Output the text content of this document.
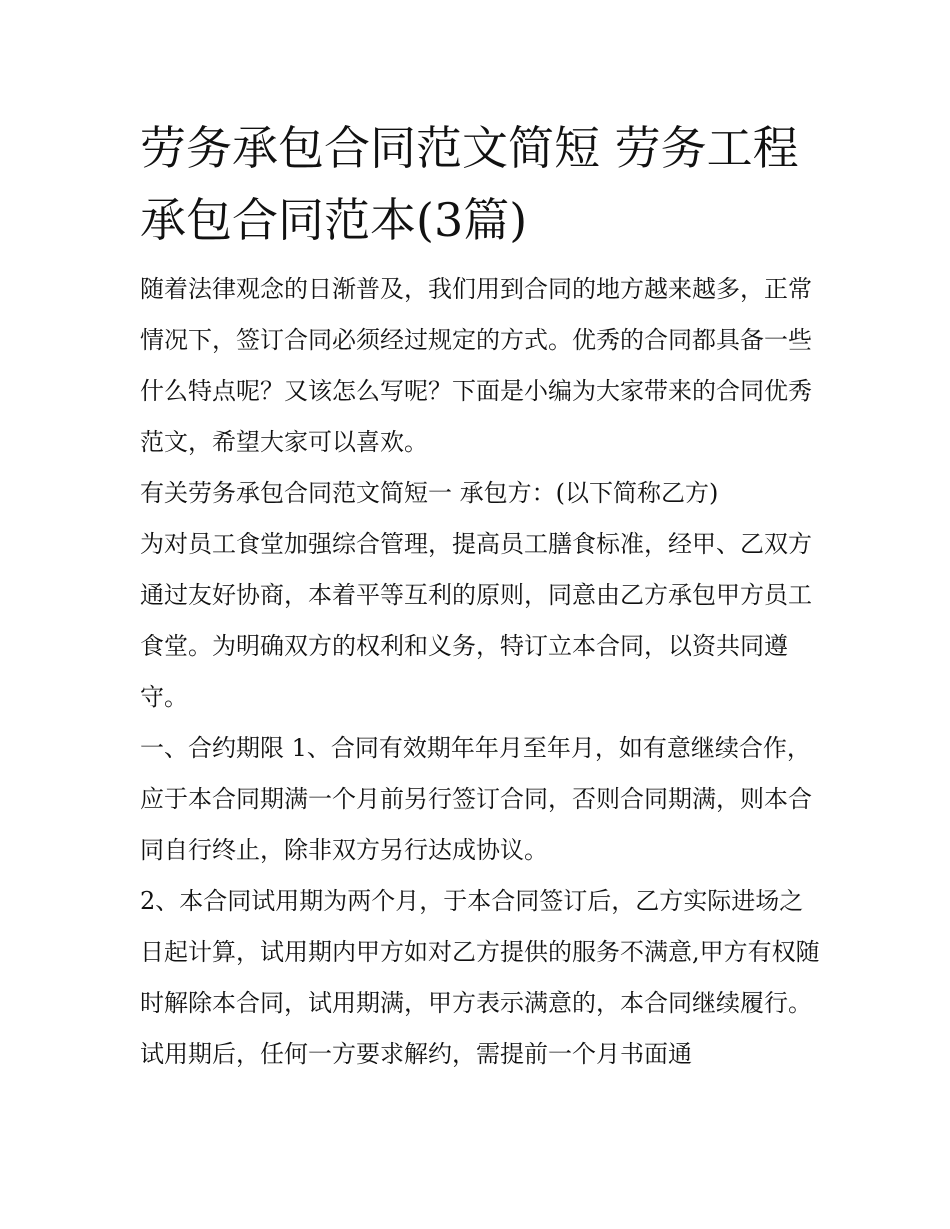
劳务承包合同范文简短 劳务工程承包合同范本(3篇)

随着法律观念的日渐普及，我们用到合同的地方越来越多，正常情况下，签订合同必须经过规定的方式。优秀的合同都具备一些什么特点呢？又该怎么写呢？下面是小编为大家带来的合同优秀范文，希望大家可以喜欢。

有关劳务承包合同范文简短一 承包方：(以下简称乙方)

为对员工食堂加强综合管理，提高员工膳食标准，经甲、乙双方通过友好协商，本着平等互利的原则，同意由乙方承包甲方员工食堂。为明确双方的权利和义务，特订立本合同，以资共同遵守。

一、合约期限 1、合同有效期年年月至年月，如有意继续合作，应于本合同期满一个月前另行签订合同，否则合同期满，则本合同自行终止，除非双方另行达成协议。

2、本合同试用期为两个月，于本合同签订后，乙方实际进场之日起计算，试用期内甲方如对乙方提供的服务不满意,甲方有权随时解除本合同，试用期满，甲方表示满意的，本合同继续履行。试用期后，任何一方要求解约，需提前一个月书面通
